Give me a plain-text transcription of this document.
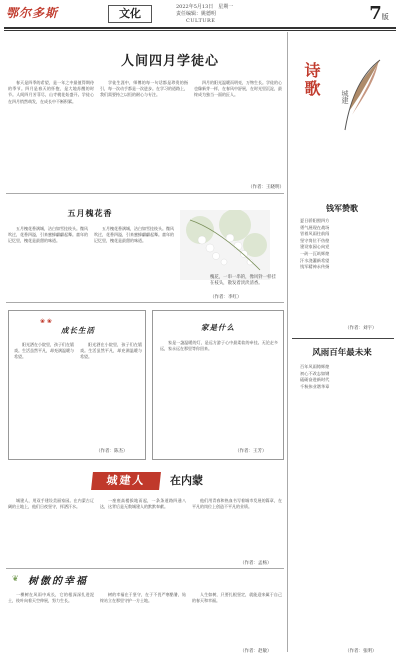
鄂尔多斯	文化	2022年5月13日　星期一
责任编辑：姚德明
CULTURE	7版
人间四月学徒心

春天是四季的希望，是一年之中最值得期待的季节。四月是春天的怀抱，是大地苏醒的时节。人间四月芳菲尽，山寺桃花始盛开。学徒心在四月悄然萌发，在成长中不断积累。

学徒生涯中，师傅的每一句话都是珍贵的指引，每一次动手都是一次进步。在学习的道路上，我们需要持之以恒的耐心与专注。

四月的阳光温暖而明亮，万物生长。学徒的心也像新芽一样，在春风中舒展，在时光里沉淀，最终成为独当一面的匠人。

（作者：王晓明）
诗歌	城建
钱军赞歌
夏日骄阳照四方
勇气展现在战场
冒着风雨往前闯
坚守岗位不彷徨
建设家园心向党
一砖一瓦筑辉煌
汗水浇灌新希望
钱军精神永传扬
（作者：刘宇）
风雨百年最未来
百年风雨铸辉煌
初心不改志如钢
砥砺奋进新时代
千秋伟业谱华章
（作者：张明）
五月槐花香

五月槐花香满城，洁白如雪挂枝头。微风吹过，花香四溢，引来蜜蜂翩翩起舞。童年的记忆里，槐花是最甜的味道。

五月槐花香满城，洁白如雪挂枝头。微风吹过，花香四溢，引来蜜蜂翩翩起舞。童年的记忆里，槐花是最甜的味道。

（作者：李红）
槐花，一串一串的，像风铃一样挂在枝头，散发着淡淡清香。
❀ ❀
成长生活

阳光洒在小院里，孩子们在嬉戏。生活虽然平凡，却充满温暖与希望。

阳光洒在小院里，孩子们在嬉戏。生活虽然平凡，却充满温暖与希望。

（作者：陈杰）
家是什么

家是一盏温暖的灯，是远方游子心中最柔软的牵挂。无论走多远，家永远在那里等你回来。

（作者：王芳）
城建人	在内蒙

城建人，用双手建设美丽家园。在内蒙古辽阔的土地上，他们日夜坚守，挥洒汗水。

一座座高楼拔地而起，一条条道路四通八达，这背后是无数城建人的默默奉献。

他们用青春和热血书写着城市发展的篇章，在平凡的岗位上创造不平凡的业绩。

（作者：孟杨）
❦ 树傲的幸福

一棵树在风雨中成长，它的根深深扎进泥土，枝叶向着天空伸展，努力生长。

树的幸福在于坚守，在于不畏严寒酷暑，始终站立在那里守护一方土地。

人生如树，只要扎根坚定，就能迎来属于自己的春天和幸福。

（作者：赵敏）
